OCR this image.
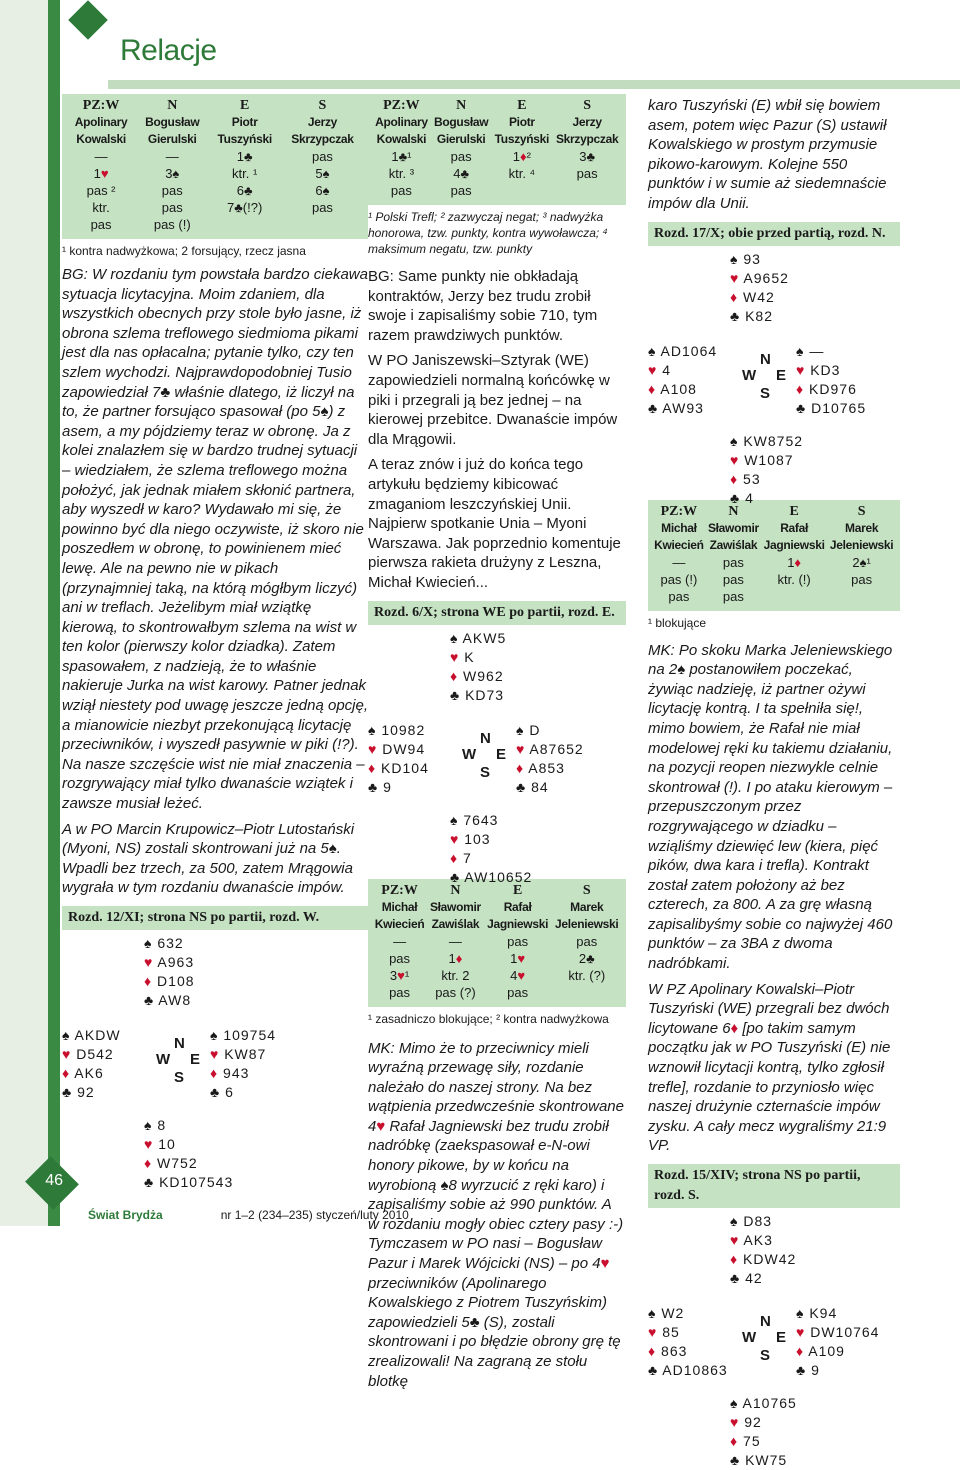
Relacje
46
Świat Brydża	nr 1–2 (234–235) styczeń/luty 2010
PZ:W	N	E	S
Apolinary	Bogusław	Piotr	Jerzy
Kowalski	Gierulski	Tuszyński	Skrzypczak
—	—	1♣	pas
1♥	3♠	ktr. ¹	5♠
pas ²	pas	6♣	6♠
ktr.	pas	7♣(!?)	pas
pas	pas (!)		
¹ kontra nadwyżkowa; 2 forsujący, rzecz jasna

BG: W rozdaniu tym powstała bardzo ciekawa sytuacja licytacyjna. Moim zdaniem, dla wszystkich obecnych przy stole było jasne, iż obrona szlema treflowego siedmioma pikami jest dla nas opłacalna; pytanie tylko, czy ten szlem wychodzi. Najprawdopodobniej Tusio zapowiedział 7♣ właśnie dlatego, iż liczył na to, że partner forsująco spasował (po 5♠) z asem, a my pójdziemy teraz w obronę. Ja z kolei znalazłem się w bardzo trudnej sytuacji – wiedziałem, że szlema treflowego można położyć, jak jednak miałem skłonić partnera, aby wyszedł w karo? Wydawało mi się, że powinno być dla niego oczywiste, iż skoro nie poszedłem w obronę, to powinienem mieć lewę. Ale na pewno nie w pikach (przynajmniej taką, na którą mógłbym liczyć) ani w treflach. Jeżelibym miał wziątkę kierową, to skontrowałbym szlema na wist w ten kolor (pierwszy kolor dziadka). Zatem spasowałem, z nadzieją, że to właśnie nakieruje Jurka na wist karowy. Patner jednak wziął niestety pod uwagę jeszcze jedną opcję, a mianowicie niezbyt przekonującą licytację przeciwników, i wyszedł pasywnie w piki (!?). Na nasze szczęście wist nie miał znaczenia – rozgrywający miał tylko dwanaście wziątek i zawsze musiał leżeć.

A w PO Marcin Krupowicz–Piotr Lutostański (Myoni, NS) zostali skontrowani już na 5♠. Wpadli bez trzech, za 500, zatem Mrągowia wygrała w tym rozdaniu dwanaście impów.

Rozd. 12/XI; strona NS po partii, rozd. W.
♠ 632
♥ A963
♦ D108
♣ AW8
♠ AKDW
♥ D542
♦ AK6
♣ 92
♠ 109754
♥ KW87
♦ 943
♣ 6
♠ 8
♥ 10
♦ W752
♣ KD107543
N
W E
S
PZ:W	N	E	S
Apolinary	Bogusław	Piotr	Jerzy
Kowalski	Gierulski	Tuszyński	Skrzypczak
1♣¹	pas	1♦²	3♣
ktr. ³	4♣	ktr. ⁴	pas
pas	pas		
¹ Polski Trefl; ² zazwyczaj negat; ³ nadwyżka honorowa, tzw. punkty, kontra wywoławcza; ⁴ maksimum negatu, tzw. punkty

BG: Same punkty nie obkładają kontraktów, Jerzy bez trudu zrobił swoje i zapisaliśmy sobie 710, tym razem prawdziwych punktów.

W PO Janiszewski–Sztyrak (WE) zapowiedzieli normalną końcówkę w piki i przegrali ją bez jednej – na kierowej przebitce. Dwanaście impów dla Mrągowii.

A teraz znów i już do końca tego artykułu będziemy kibicować zmaganiom leszczyńskiej Unii. Najpierw spotkanie Unia – Myoni Warszawa. Jak poprzednio komentuje pierwsza rakieta drużyny z Leszna, Michał Kwiecień...

Rozd. 6/X; strona WE po partii, rozd. E.
♠ AKW5
♥ K
♦ W962
♣ KD73
♠ 10982
♥ DW94
♦ KD104
♣ 9
♠ D
♥ A87652
♦ A853
♣ 84
♠ 7643
♥ 103
♦ 7
♣ AW10652
N
W E
S
PZ:W	N	E	S
Michał	Sławomir	Rafał	Marek
Kwiecień	Zawiślak	Jagniewski	Jeleniewski
—	—	pas	pas
pas	1♦	1♥	2♣
3♥¹	ktr. 2	4♥	ktr. (?)
pas	pas (?)	pas	
¹ zasadniczo blokujące; ² kontra nadwyżkowa

MK: Mimo że to przeciwnicy mieli wyraźną przewagę siły, rozdanie należało do naszej strony. Na bez wątpienia przedwcześnie skontrowane 4♥ Rafał Jagniewski bez trudu zrobił nadróbkę (zaekspasował e-N-owi honory pikowe, by w końcu na wyrobioną ♠8 wyrzucić z ręki karo) i zapisaliśmy sobie aż 990 punktów. A w rozdaniu mogły obiec cztery pasy :-) Tymczasem w PO nasi – Bogusław Pazur i Marek Wójcicki (NS) – po 4♥ przeciwników (Apolinarego Kowalskiego z Piotrem Tuszyńskim) zapowiedzieli 5♣ (S), zostali skontrowani i po błędzie obrony grę tę zrealizowali! Na zagraną ze stołu blotkę

karo Tuszyński (E) wbił się bowiem asem, potem więc Pazur (S) ustawił Kowalskiego w prostym przymusie pikowo-karowym. Kolejne 550 punktów i w sumie aż siedemnaście impów dla Unii.

Rozd. 17/X; obie przed partią, rozd. N.
♠ 93
♥ A9652
♦ W42
♣ K82
♠ AD1064
♥ 4
♦ A108
♣ AW93
♠ —
♥ KD3
♦ KD976
♣ D10765
♠ KW8752
♥ W1087
♦ 53
♣ 4
N
W E
S
PZ:W	N	E	S
Michał	Sławomir	Rafał	Marek
Kwiecień	Zawiślak	Jagniewski	Jeleniewski
—	pas	1♦	2♠¹
pas (!)	pas	ktr. (!)	pas
pas	pas		
¹ blokujące

MK: Po skoku Marka Jeleniewskiego na 2♠ postanowiłem poczekać, żywiąc nadzieję, iż partner ożywi licytację kontrą. I ta spełniła się!, mimo bowiem, że Rafał nie miał modelowej ręki ku takiemu działaniu, na pozycji reopen niezwykle celnie skontrował (!). I po ataku kierowym – przepuszczonym przez rozgrywającego w dziadku – wziąliśmy dziewięć lew (kiera, pięć pików, dwa kara i trefla). Kontrakt został zatem położony aż bez czterech, za 800. A za grę własną zapisalibyśmy sobie co najwyżej 460 punktów – za 3BA z dwoma nadróbkami.

W PZ Apolinary Kowalski–Piotr Tuszyński (WE) przegrali bez dwóch licytowane 6♦ [po takim samym początku jak w PO Tuszyński (E) nie wznowił licytacji kontrą, tylko zgłosił trefle], rozdanie to przyniosło więc naszej drużynie czternaście impów zysku. A cały mecz wygraliśmy 21:9 VP.

Rozd. 15/XIV; strona NS po partii, rozd. S.
♠ D83
♥ AK3
♦ KDW42
♣ 42
♠ W2
♥ 85
♦ 863
♣ AD10863
♠ K94
♥ DW10764
♦ A109
♣ 9
♠ A10765
♥ 92
♦ 75
♣ KW75
N
W E
S
